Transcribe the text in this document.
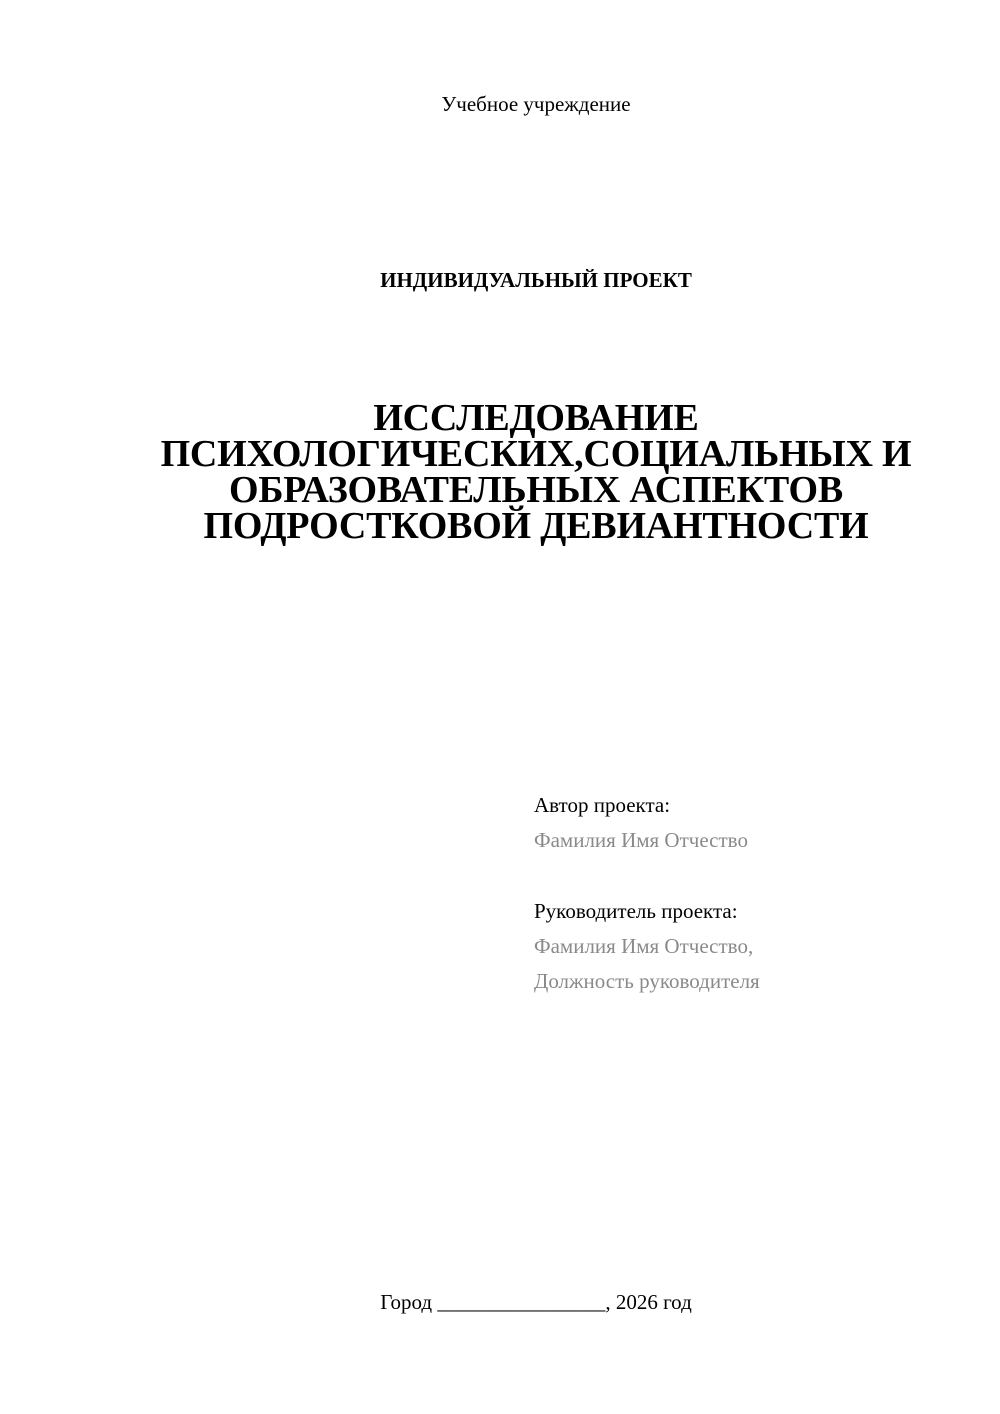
Учебное учреждение
ИНДИВИДУАЛЬНЫЙ ПРОЕКТ
ИССЛЕДОВАНИЕ
ПСИХОЛОГИЧЕСКИХ,СОЦИАЛЬНЫХ И
ОБРАЗОВАТЕЛЬНЫХ АСПЕКТОВ
ПОДРОСТКОВОЙ ДЕВИАНТНОСТИ
Автор проекта:
Фамилия Имя Отчество
Руководитель проекта:
Фамилия Имя Отчество,
Должность руководителя
Город ________________, 2026 год
